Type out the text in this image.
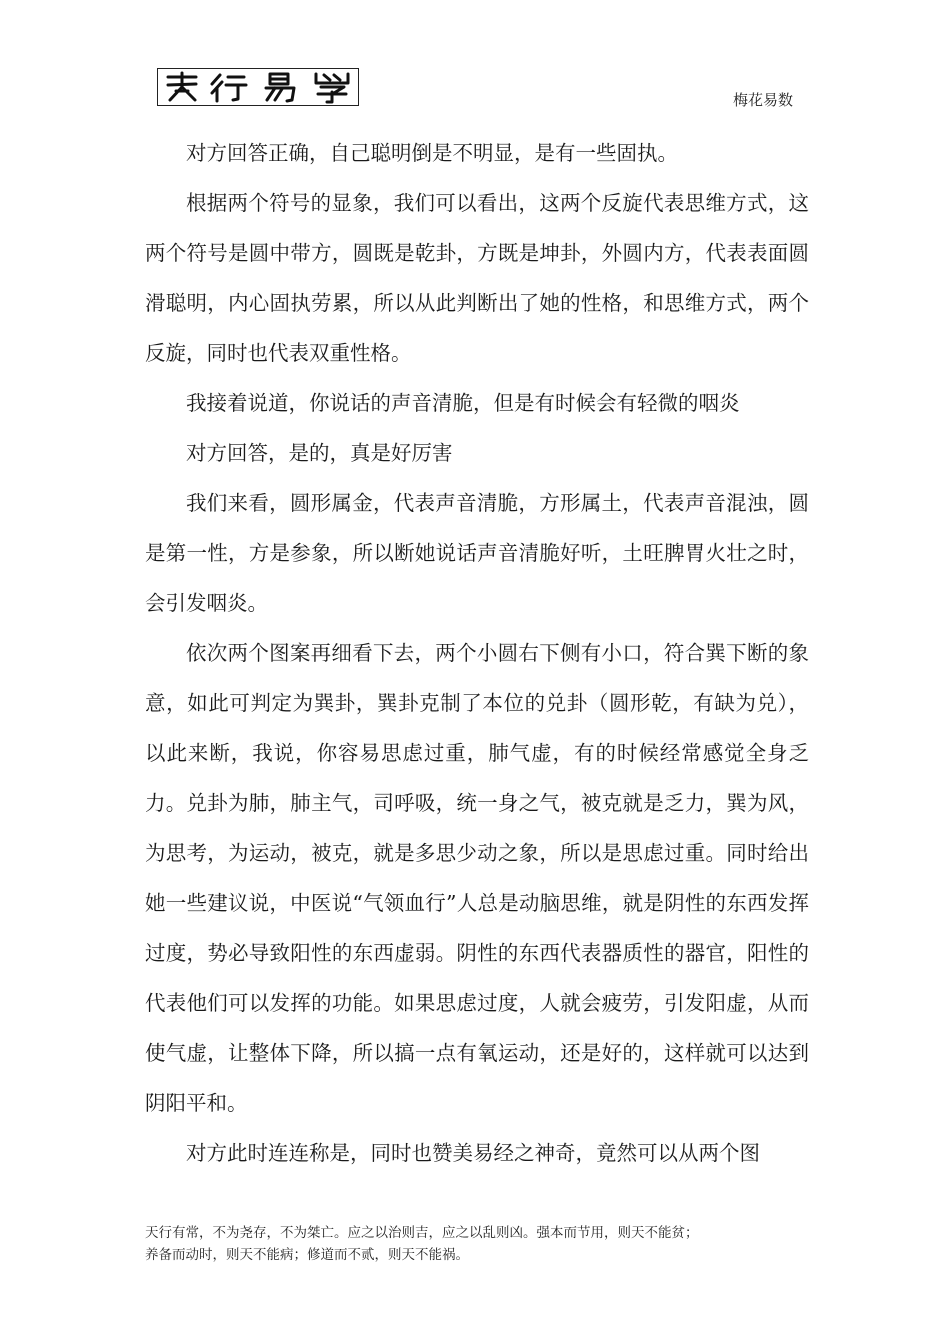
梅花易数

对方回答正确，自己聪明倒是不明显，是有一些固执。

根据两个符号的显象，我们可以看出，这两个反旋代表思维方式，这两个符号是圆中带方，圆既是乾卦，方既是坤卦，外圆内方，代表表面圆滑聪明，内心固执劳累，所以从此判断出了她的性格，和思维方式，两个反旋，同时也代表双重性格。

我接着说道，你说话的声音清脆，但是有时候会有轻微的咽炎

对方回答，是的，真是好厉害

我们来看，圆形属金，代表声音清脆，方形属土，代表声音混浊，圆是第一性，方是参象，所以断她说话声音清脆好听，土旺脾胃火壮之时，会引发咽炎。

依次两个图案再细看下去，两个小圆右下侧有小口，符合巽下断的象意，如此可判定为巽卦，巽卦克制了本位的兑卦（圆形乾，有缺为兑），以此来断，我说，你容易思虑过重，肺气虚，有的时候经常感觉全身乏力。兑卦为肺，肺主气，司呼吸，统一身之气，被克就是乏力，巽为风，为思考，为运动，被克，就是多思少动之象，所以是思虑过重。同时给出她一些建议说，中医说“气领血行”人总是动脑思维，就是阴性的东西发挥过度，势必导致阳性的东西虚弱。阴性的东西代表器质性的器官，阳性的代表他们可以发挥的功能。如果思虑过度，人就会疲劳，引发阳虚，从而使气虚，让整体下降，所以搞一点有氧运动，还是好的，这样就可以达到阴阳平和。

对方此时连连称是，同时也赞美易经之神奇，竟然可以从两个图

天行有常，不为尧存，不为桀亡。应之以治则吉，应之以乱则凶。强本而节用，则天不能贫；

养备而动时，则天不能病；修道而不贰，则天不能祸。
